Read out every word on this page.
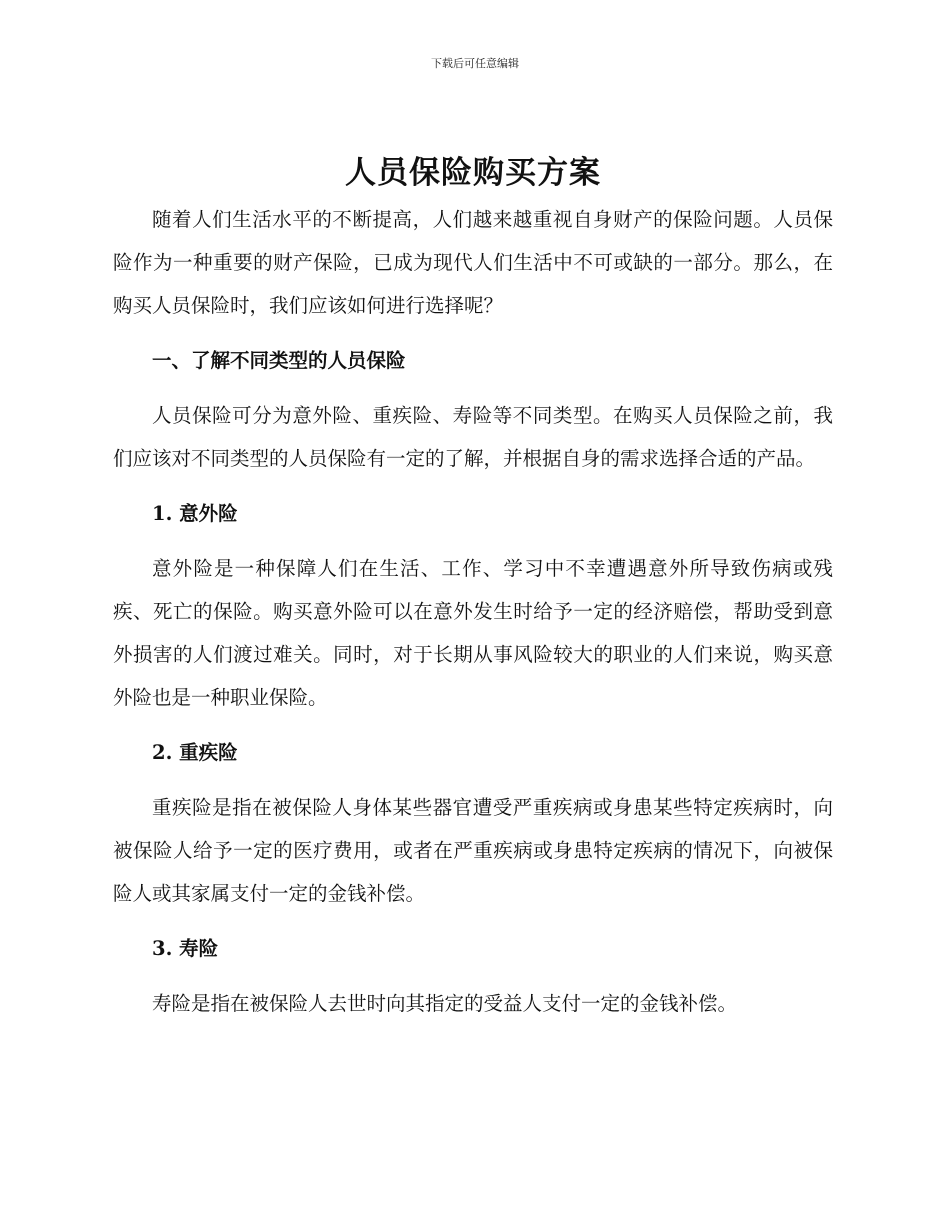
下载后可任意编辑
人员保险购买方案

随着人们生活水平的不断提高，人们越来越重视自身财产的保险问题。人员保险作为一种重要的财产保险，已成为现代人们生活中不可或缺的一部分。那么，在购买人员保险时，我们应该如何进行选择呢？

一、了解不同类型的人员保险

人员保险可分为意外险、重疾险、寿险等不同类型。在购买人员保险之前，我们应该对不同类型的人员保险有一定的了解，并根据自身的需求选择合适的产品。

1. 意外险

意外险是一种保障人们在生活、工作、学习中不幸遭遇意外所导致伤病或残疾、死亡的保险。购买意外险可以在意外发生时给予一定的经济赔偿，帮助受到意外损害的人们渡过难关。同时，对于长期从事风险较大的职业的人们来说，购买意外险也是一种职业保险。

2. 重疾险

重疾险是指在被保险人身体某些器官遭受严重疾病或身患某些特定疾病时，向被保险人给予一定的医疗费用，或者在严重疾病或身患特定疾病的情况下，向被保险人或其家属支付一定的金钱补偿。

3. 寿险

寿险是指在被保险人去世时向其指定的受益人支付一定的金钱补偿。
